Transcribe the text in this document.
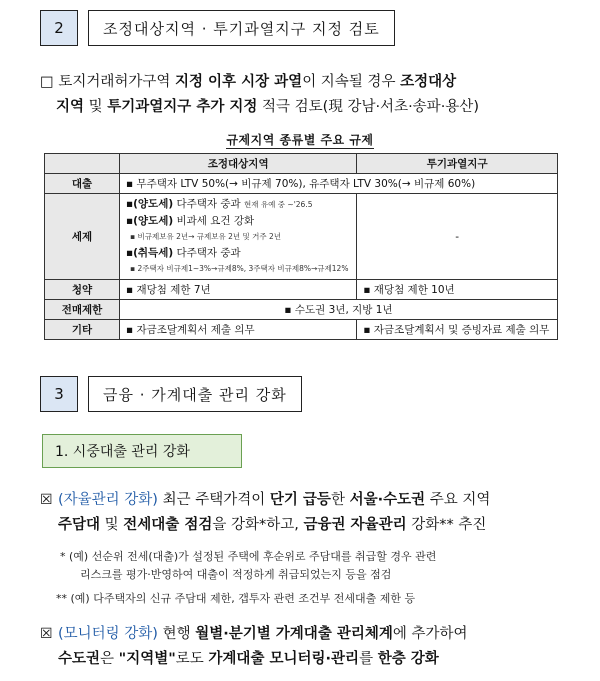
2	조정대상지역 · 투기과열지구 지정 검토
□ 토지거래허가구역 지정 이후 시장 과열이 지속될 경우 조정대상
지역 및 투기과열지구 추가 지정 적극 검토(現 강남·서초·송파·용산)
규제지역 종류별 주요 규제
	조정대상지역	투기과열지구
대출	▪ 무주택자 LTV 50%(→ 비규제 70%), 유주택자 LTV 30%(→ 비규제 60%)	
세제	▪(양도세) 다주택자 중과 현재 유예 중 ~'26.5
▪(양도세) 비과세 요건 강화
▪ 비규제보유 2년→ 규제보유 2년 및 거주 2년
▪(취득세) 다주택자 중과
▪ 2주택자 비규제1~3%→규제8%, 3주택자 비규제8%→규제12%	-
청약	▪ 재당첨 제한 7년	▪ 재당첨 제한 10년
전매제한	▪ 수도권 3년, 지방 1년	
기타	▪ 자금조달계획서 제출 의무	▪ 자금조달계획서 및 증빙자료 제출 의무
3	금융 · 가계대출 관리 강화
1. 시중대출 관리 강화
☒ (자율관리 강화) 최근 주택가격이 단기 급등한 서울·수도권 주요 지역
주담대 및 전세대출 점검을 강화*하고, 금융권 자율관리 강화** 추진
* (예) 선순위 전세(대출)가 설정된 주택에 후순위로 주담대를 취급할 경우 관련
리스크를 평가·반영하여 대출이 적정하게 취급되었는지 등을 점검
** (예) 다주택자의 신규 주담대 제한, 갭투자 관련 조건부 전세대출 제한 등
☒ (모니터링 강화) 현행 월별·분기별 가계대출 관리체계에 추가하여
수도권은 "지역별"로도 가계대출 모니터링·관리를 한층 강화
